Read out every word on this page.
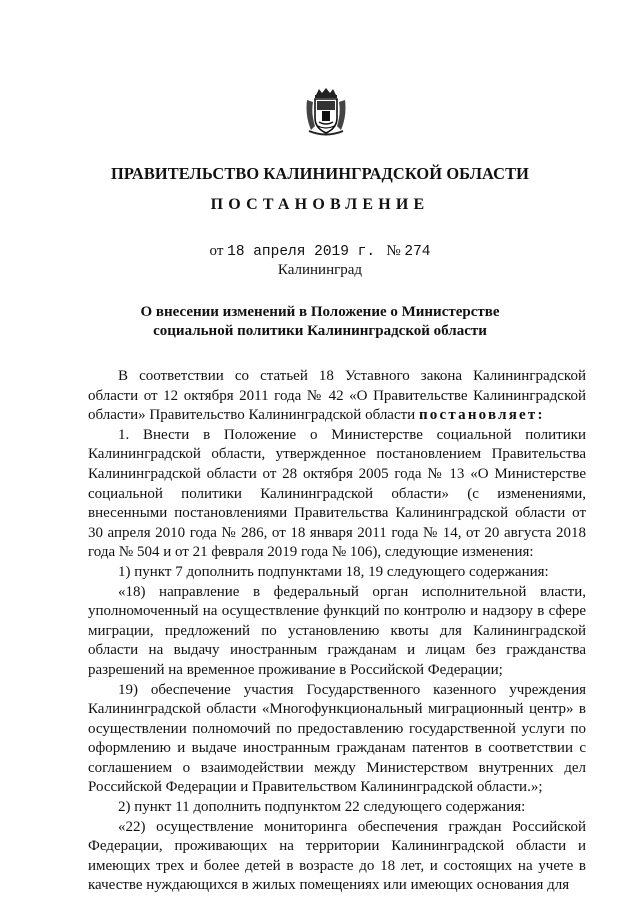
ПРАВИТЕЛЬСТВО КАЛИНИНГРАДСКОЙ ОБЛАСТИ
ПОСТАНОВЛЕНИЕ
от 18 апреля 2019 г. № 274
Калининград
О внесении изменений в Положение о Министерстве социальной политики Калининградской области

В соответствии со статьей 18 Уставного закона Калининградской области от 12 октября 2011 года № 42 «О Правительстве Калининградской области» Правительство Калининградской области постановляет:

1. Внести в Положение о Министерстве социальной политики Калининградской области, утвержденное постановлением Правительства Калининградской области от 28 октября 2005 года № 13 «О Министерстве социальной политики Калининградской области» (с изменениями, внесенными постановлениями Правительства Калининградской области от 30 апреля 2010 года № 286, от 18 января 2011 года № 14, от 20 августа 2018 года № 504 и от 21 февраля 2019 года № 106), следующие изменения:

1) пункт 7 дополнить подпунктами 18, 19 следующего содержания:

«18) направление в федеральный орган исполнительной власти, уполномоченный на осуществление функций по контролю и надзору в сфере миграции, предложений по установлению квоты для Калининградской области на выдачу иностранным гражданам и лицам без гражданства разрешений на временное проживание в Российской Федерации;

19) обеспечение участия Государственного казенного учреждения Калининградской области «Многофункциональный миграционный центр» в осуществлении полномочий по предоставлению государственной услуги по оформлению и выдаче иностранным гражданам патентов в соответствии с соглашением о взаимодействии между Министерством внутренних дел Российской Федерации и Правительством Калининградской области.»;

2) пункт 11 дополнить подпунктом 22 следующего содержания:

«22) осуществление мониторинга обеспечения граждан Российской Федерации, проживающих на территории Калининградской области и имеющих трех и более детей в возрасте до 18 лет, и состоящих на учете в качестве нуждающихся в жилых помещениях или имеющих основания для
